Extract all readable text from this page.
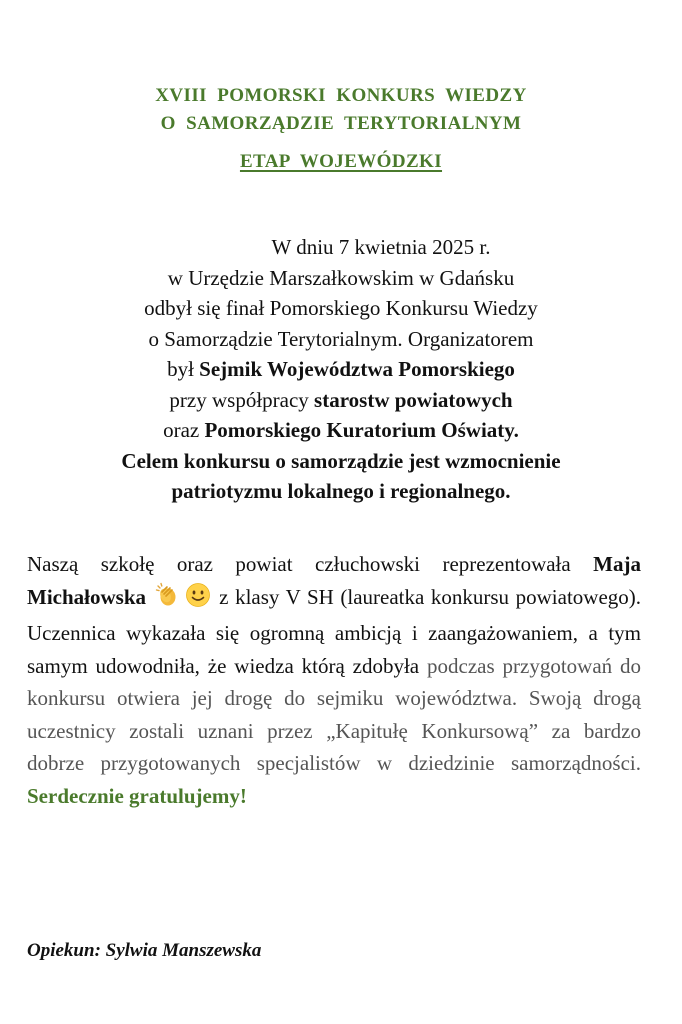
XVIII  POMORSKI  KONKURS  WIEDZY
O  SAMORZĄDZIE  TERYTORIALNYM
ETAP  WOJEWÓDZKI
W dniu 7 kwietnia 2025 r.
w Urzędzie Marszałkowskim w Gdańsku
odbył się finał Pomorskiego Konkursu Wiedzy
o Samorządzie Terytorialnym. Organizatorem
był Sejmik Województwa Pomorskiego
przy współpracy starostw powiatowych
oraz Pomorskiego Kuratorium Oświaty.
Celem konkursu o samorządzie jest wzmocnienie
patriotyzmu lokalnego i regionalnego.
Naszą szkołę oraz powiat człuchowski reprezentowała Maja Michałowska	z klasy V SH (laureatka konkursu powiatowego). Uczennica wykazała się ogromną ambicją i zaangażowaniem, a tym samym udowodniła, że wiedza którą zdobyła podczas przygotowań do konkursu otwiera jej drogę do sejmiku województwa. Swoją drogą uczestnicy zostali uznani przez „Kapitułę Konkursową” za bardzo dobrze przygotowanych specjalistów w dziedzinie samorządności. Serdecznie gratulujemy!
Opiekun: Sylwia Manszewska
